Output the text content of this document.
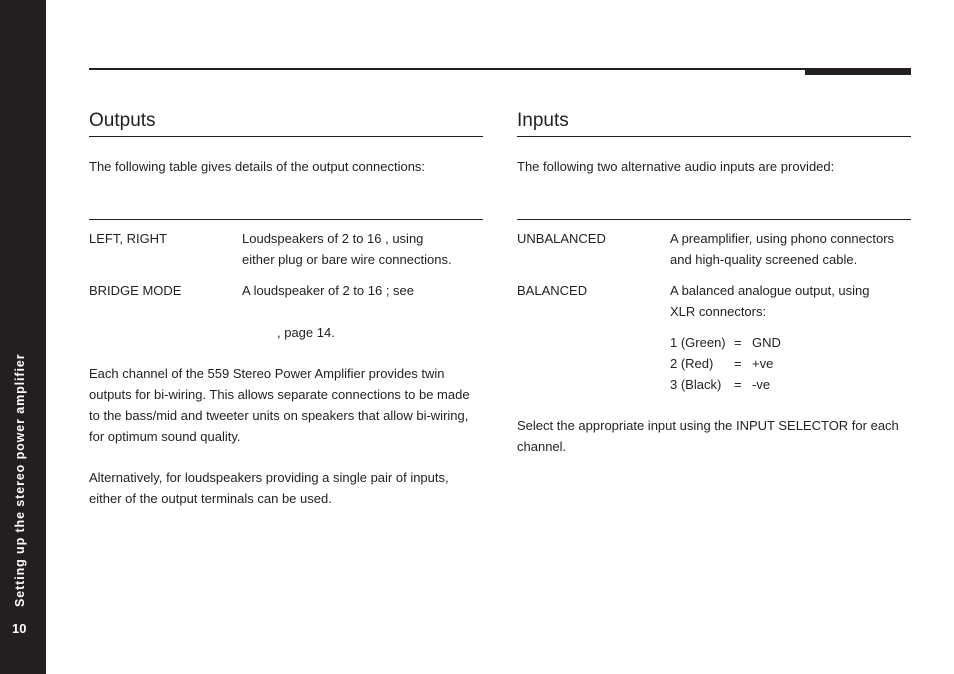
Setting up the stereo power amplifier
10
Outputs

The following table gives details of the output connections:

LEFT, RIGHT	Loudspeakers of 2 to 16 , using

either plug or bare wire connections.

BRIDGE MODE	A loudspeaker of 2 to 16 ; see

, page 14.

Each channel of the 559 Stereo Power Amplifier provides twin outputs for bi-wiring. This allows separate connections to be made to the bass/mid and tweeter units on speakers that allow bi-wiring, for optimum sound quality.

Alternatively, for loudspeakers providing a single pair of inputs, either of the output terminals can be used.

Inputs

The following two alternative audio inputs are provided:

UNBALANCED	A preamplifier, using phono connectors

and high-quality screened cable.

BALANCED	A balanced analogue output, using

XLR connectors:

1 (Green) = GND
2 (Red) = +ve
3 (Black) = -ve

Select the appropriate input using the INPUT SELECTOR for each channel.
